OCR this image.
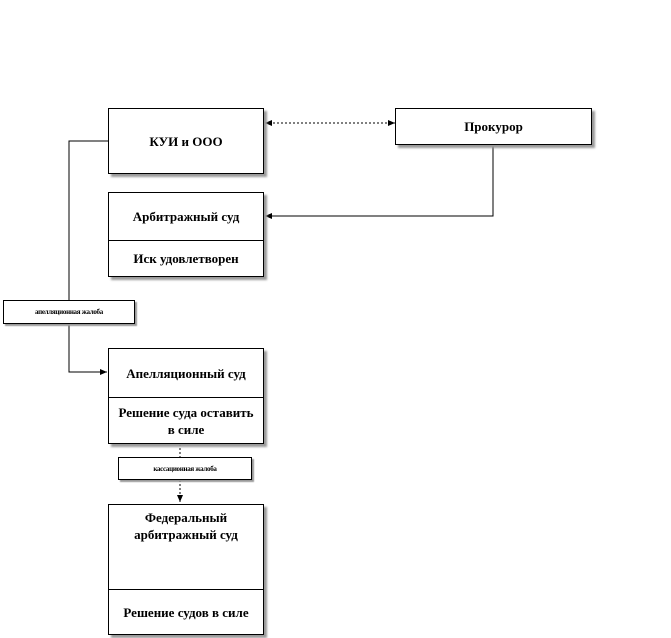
КУИ и ООО
Прокурор
Арбитражный суд
Иск удовлетворен
апелляционная жалоба
Апелляционный суд
Решение суда оставить в силе
кассационная жалоба
Федеральный арбитражный суд
Решение судов в силе
